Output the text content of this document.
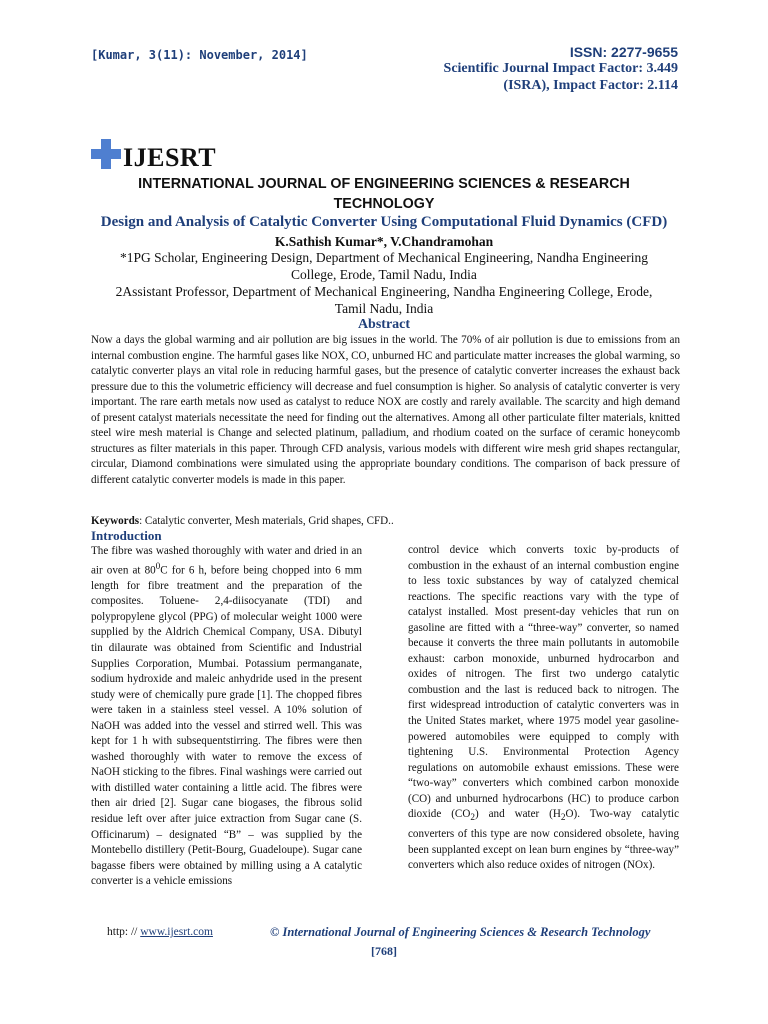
[Kumar, 3(11): November, 2014]	ISSN: 2277-9655
Scientific Journal Impact Factor: 3.449
(ISRA), Impact Factor: 2.114
IJESRT
INTERNATIONAL JOURNAL OF ENGINEERING SCIENCES & RESEARCH
TECHNOLOGY
Design and Analysis of Catalytic Converter Using Computational Fluid Dynamics (CFD)
K.Sathish Kumar*, V.Chandramohan
*1PG Scholar, Engineering Design, Department of Mechanical Engineering, Nandha Engineering College, Erode, Tamil Nadu, India
2Assistant Professor, Department of Mechanical Engineering, Nandha Engineering College, Erode, Tamil Nadu, India
Abstract

Now a days the global warming and air pollution are big issues in the world. The 70% of air pollution is due to emissions from an internal combustion engine. The harmful gases like NOX, CO, unburned HC and particulate matter increases the global warming, so catalytic converter plays an vital role in reducing harmful gases, but the presence of catalytic converter increases the exhaust back pressure due to this the volumetric efficiency will decrease and fuel consumption is higher. So analysis of catalytic converter is very important. The rare earth metals now used as catalyst to reduce NOX are costly and rarely available. The scarcity and high demand of present catalyst materials necessitate the need for finding out the alternatives. Among all other particulate filter materials, knitted steel wire mesh material is Change and selected platinum, palladium, and rhodium coated on the surface of ceramic honeycomb structures as filter materials in this paper. Through CFD analysis, various models with different wire mesh grid shapes rectangular, circular, Diamond combinations were simulated using the appropriate boundary conditions. The comparison of back pressure of different catalytic converter models is made in this paper.

Keywords: Catalytic converter, Mesh materials, Grid shapes, CFD..

Introduction

The fibre was washed thoroughly with water and dried in an air oven at $80^0C$ for 6 h, before being chopped into 6 mm length for fibre treatment and the preparation of the composites. Toluene- 2,4-diisocyanate (TDI) and polypropylene glycol (PPG) of molecular weight 1000 were supplied by the Aldrich Chemical Company, USA. Dibutyl tin dilaurate was obtained from Scientific and Industrial Supplies Corporation, Mumbai. Potassium permanganate, sodium hydroxide and maleic anhydride used in the present study were of chemically pure grade [1]. The chopped fibres were taken in a stainless steel vessel. A 10% solution of NaOH was added into the vessel and stirred well. This was kept for 1 h with subsequentstirring. The fibres were then washed thoroughly with water to remove the excess of NaOH sticking to the fibres. Final washings were carried out with distilled water containing a little acid. The fibres were then air dried [2]. Sugar cane biogases, the fibrous solid residue left over after juice extraction from Sugar cane (S. Officinarum) – designated “B” – was supplied by the Montebello distillery (Petit-Bourg, Guadeloupe). Sugar cane bagasse fibers were obtained by milling using a A catalytic converter is a vehicle emissions

control device which converts toxic by-products of combustion in the exhaust of an internal combustion engine to less toxic substances by way of catalyzed chemical reactions. The specific reactions vary with the type of catalyst installed. Most present-day vehicles that run on gasoline are fitted with a “three-way” converter, so named because it converts the three main pollutants in automobile exhaust: carbon monoxide, unburned hydrocarbon and oxides of nitrogen. The first two undergo catalytic combustion and the last is reduced back to nitrogen. The first widespread introduction of catalytic converters was in the United States market, where 1975 model year gasoline-powered automobiles were equipped to comply with tightening U.S. Environmental Protection Agency regulations on automobile exhaust emissions. These were “two-way” converters which combined carbon monoxide (CO) and unburned hydrocarbons (HC) to produce carbon dioxide $(CO_2)$ and water $(H_2O)$. Two-way catalytic converters of this type are now considered obsolete, having been supplanted except on lean burn engines by “three-way” converters which also reduce oxides of nitrogen (NOx).

http: // www.ijesrt.com	© International Journal of Engineering Sciences & Research Technology
[768]
